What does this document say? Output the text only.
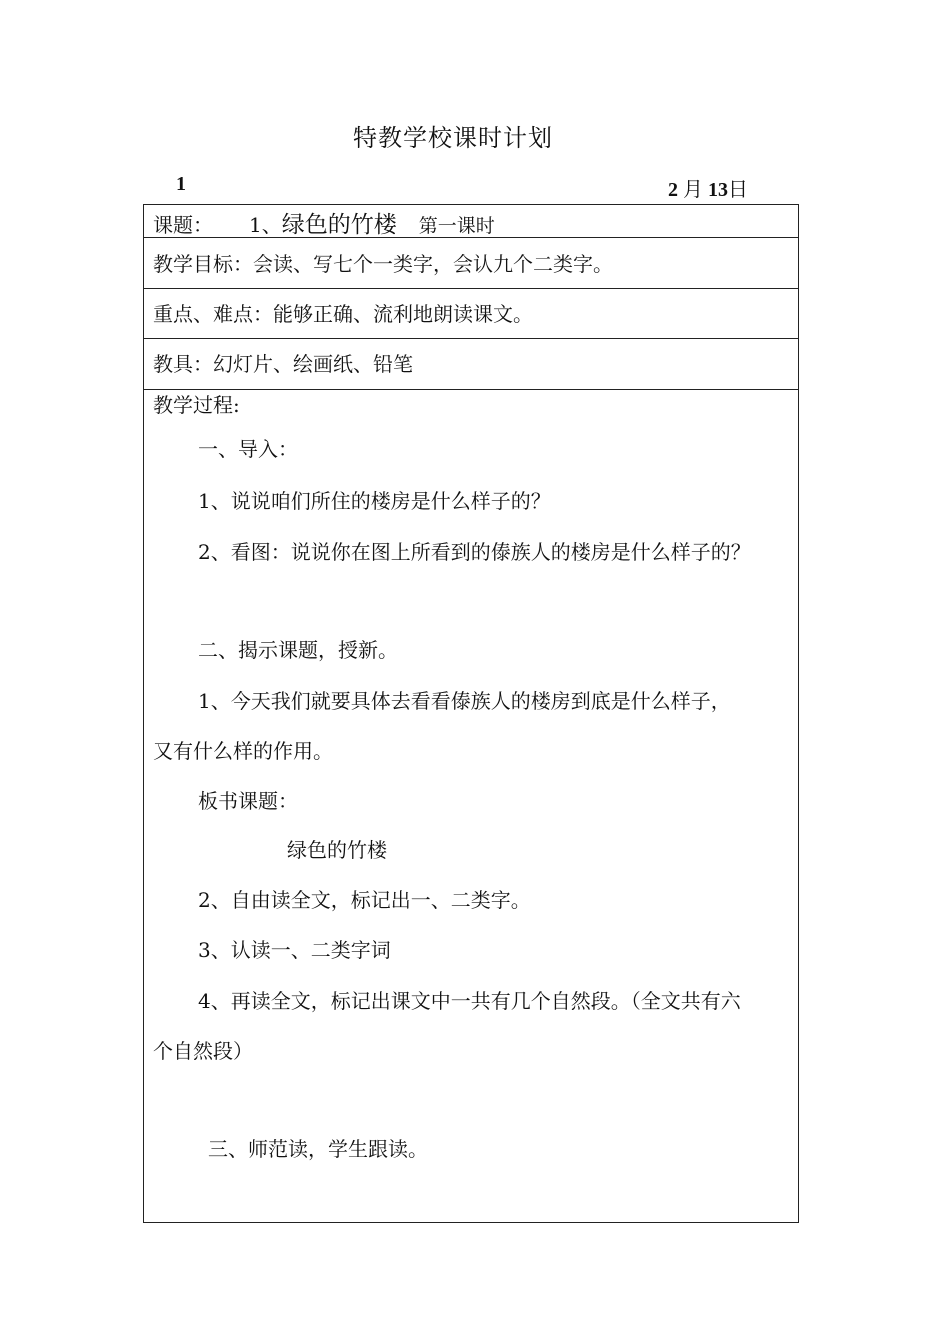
特教学校课时计划
1	2 月 13日
课题： 1、绿色的竹楼 第一课时
教学目标：会读、写七个一类字，会认九个二类字。
重点、难点：能够正确、流利地朗读课文。
教具：幻灯片、绘画纸、铅笔
教学过程:
一、导入：
1、说说咱们所住的楼房是什么样子的？
2、看图：说说你在图上所看到的傣族人的楼房是什么样子的？
二、揭示课题，授新。
1、今天我们就要具体去看看傣族人的楼房到底是什么样子，
又有什么样的作用。
板书课题：
绿色的竹楼
2、自由读全文，标记出一、二类字。
3、认读一、二类字词
4、再读全文，标记出课文中一共有几个自然段。（全文共有六
个自然段）
三、师范读，学生跟读。
